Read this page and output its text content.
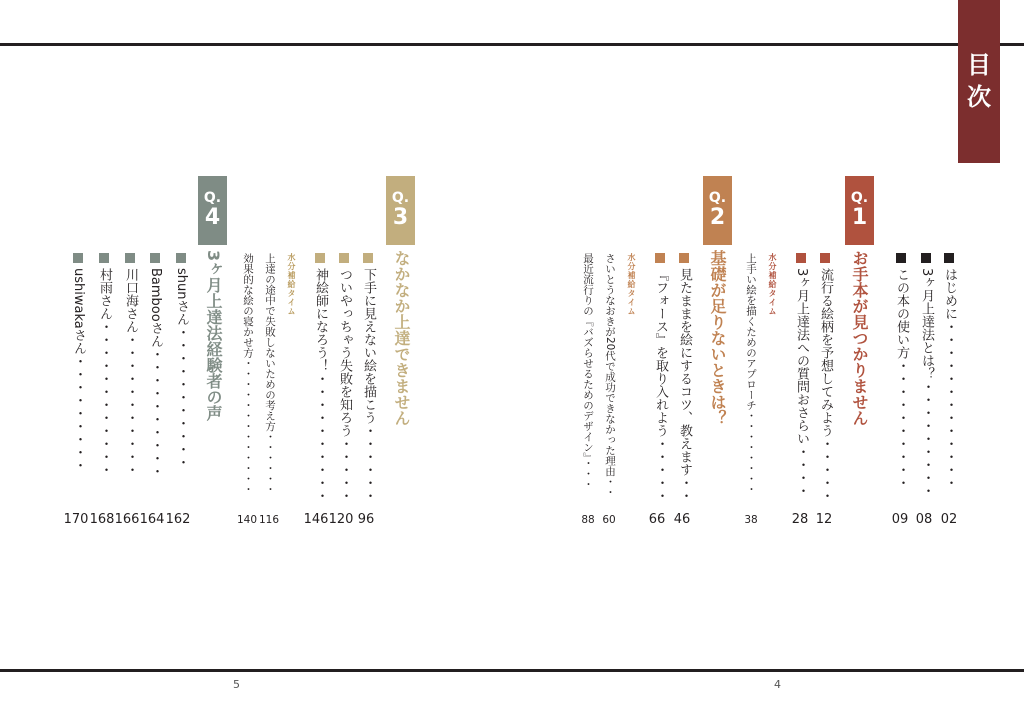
目
次
はじめに・・・・・・・・・・・・・
02
3ヶ月上達法とは？・・・・・・・・・
08
この本の使い方・・・・・・・・・・
09
Q.
1
お手本が見つかりません
流行る絵柄を予想してみよう・・・・・
12
3ヶ月上達法への質問おさらい・・・・
28
水分補給タイム
上手い絵を描くためのアプローチ・・・・・・・・
38
Q.
2
基礎が足りないときは？
見たままを絵にするコツ、教えます・・
46
『フォース』を取り入れよう・・・・・
66
水分補給タイム
さいとうなおきが20代で成功できなかった理由・・
60
最近流行りの『バズらせるためのデザイン』・・・
88
Q.
3
なかなか上達できません
下手に見えない絵を描こう・・・・・・
96
ついやっちゃう失敗を知ろう・・・・・
120
神絵師になろう！・・・・・・・・・・
146
水分補給タイム
上達の途中で失敗しないための考え方・・・・・・
116
効果的な絵の寝かせ方・・・・・・・・・・・・・
140
Q.
4
3ヶ月上達法経験者の声
shunさん・・・・・・・・・・・
162
Bambooさん・・・・・・・・・・
164
川口海さん・・・・・・・・・・・
166
村雨さん・・・・・・・・・・・・
168
ushiwakaさん・・・・・・・・・
170
5	4
